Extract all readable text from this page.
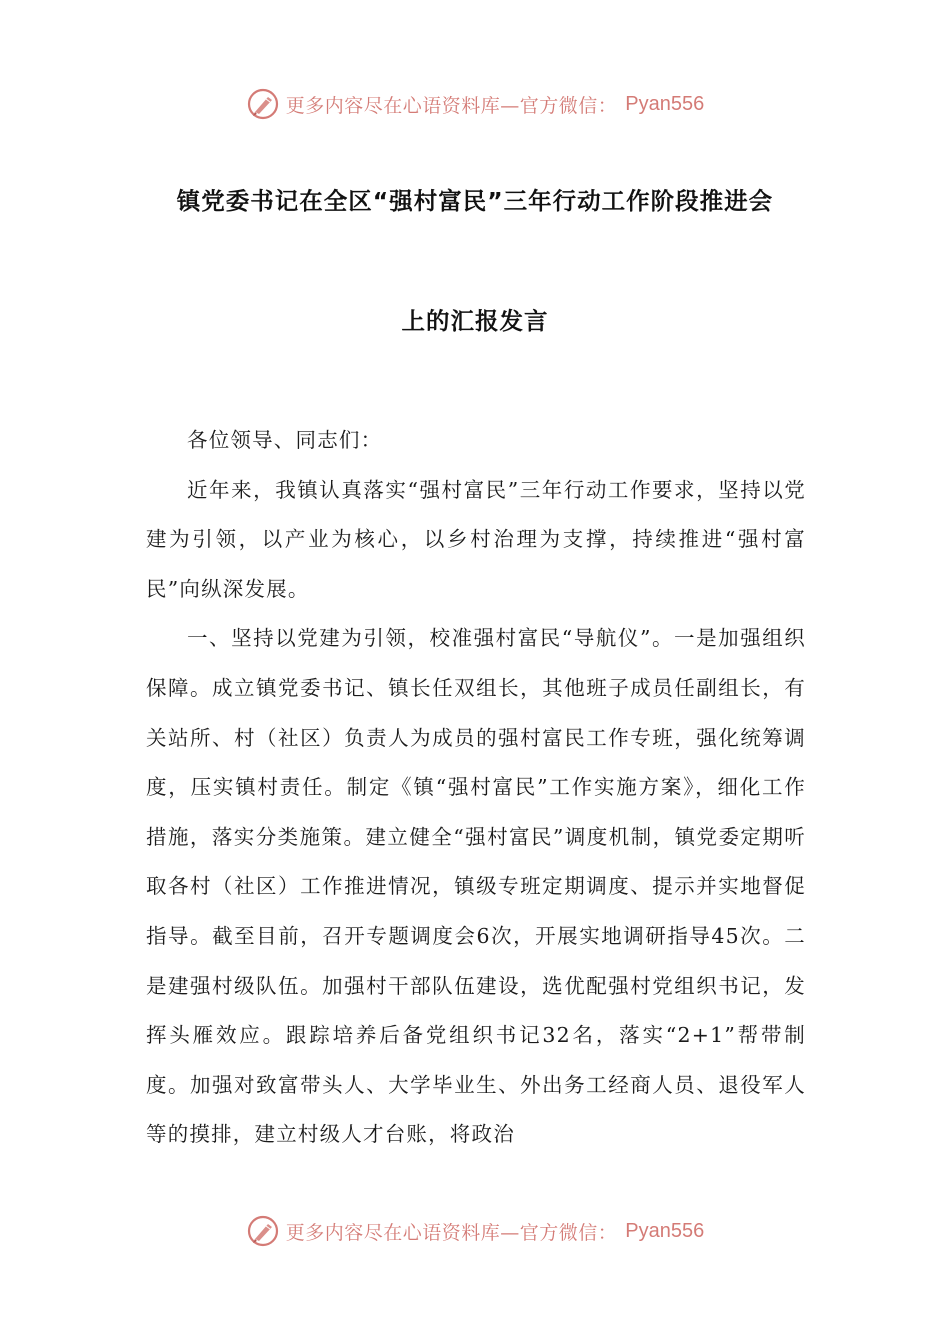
更多内容尽在心语资料库—官方微信： Pyan556
镇党委书记在全区“强村富民”三年行动工作阶段推进会
上的汇报发言

各位领导、同志们：

近年来，我镇认真落实“强村富民”三年行动工作要求，坚持以党建为引领，以产业为核心，以乡村治理为支撑，持续推进“强村富民”向纵深发展。

一、坚持以党建为引领，校准强村富民“导航仪”。一是加强组织保障。成立镇党委书记、镇长任双组长，其他班子成员任副组长，有关站所、村（社区）负责人为成员的强村富民工作专班，强化统筹调度，压实镇村责任。制定《镇“强村富民”工作实施方案》，细化工作措施，落实分类施策。建立健全“强村富民”调度机制，镇党委定期听取各村（社区）工作推进情况，镇级专班定期调度、提示并实地督促指导。截至目前，召开专题调度会6次，开展实地调研指导45次。二是建强村级队伍。加强村干部队伍建设，选优配强村党组织书记，发挥头雁效应。跟踪培养后备党组织书记32名，落实“2+1”帮带制度。加强对致富带头人、大学毕业生、外出务工经商人员、退役军人等的摸排，建立村级人才台账，将政治

更多内容尽在心语资料库—官方微信： Pyan556
